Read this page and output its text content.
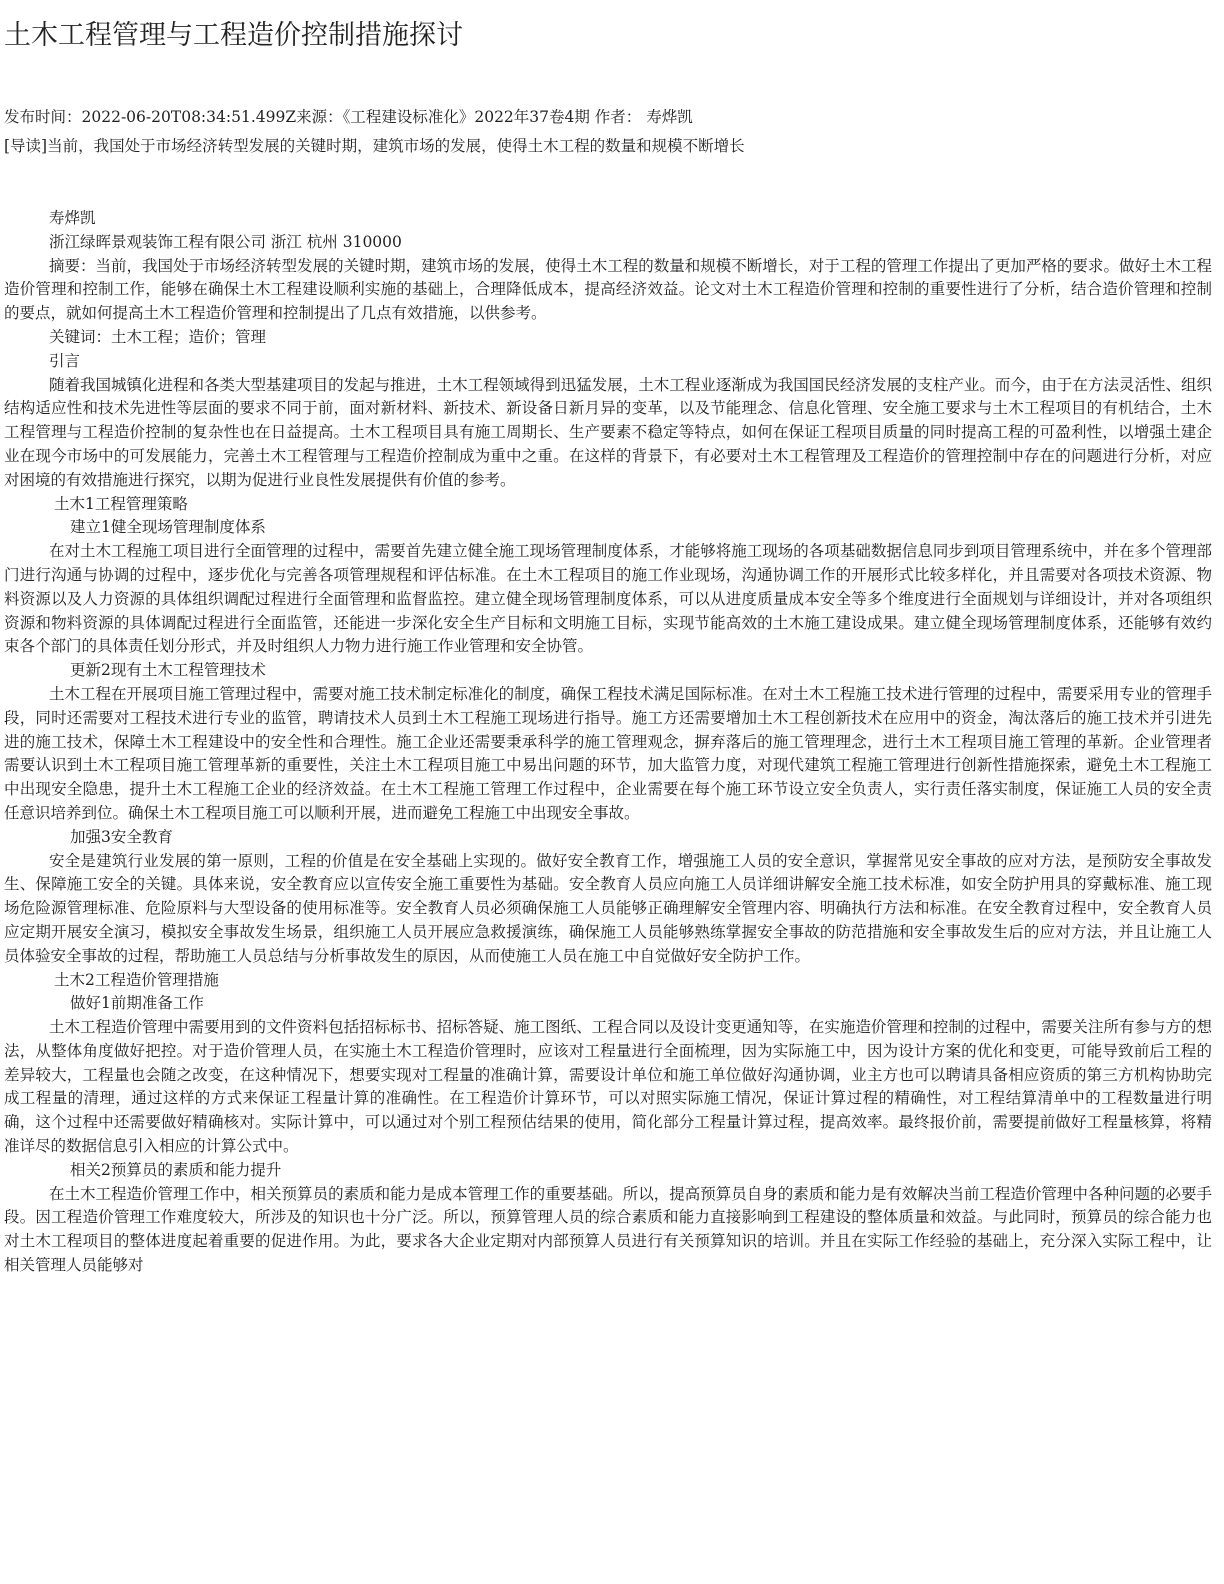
土木工程管理与工程造价控制措施探讨
发布时间：2022-06-20T08:34:51.499Z来源：《工程建设标准化》2022年37卷4期 作者： 寿烨凯
[导读]当前，我国处于市场经济转型发展的关键时期，建筑市场的发展，使得土木工程的数量和规模不断增长

寿烨凯

浙江绿晖景观装饰工程有限公司 浙江 杭州 310000

摘要：当前，我国处于市场经济转型发展的关键时期，建筑市场的发展，使得土木工程的数量和规模不断增长，对于工程的管理工作提出了更加严格的要求。做好土木工程造价管理和控制工作，能够在确保土木工程建设顺利实施的基础上，合理降低成本，提高经济效益。论文对土木工程造价管理和控制的重要性进行了分析，结合造价管理和控制的要点，就如何提高土木工程造价管理和控制提出了几点有效措施，以供参考。

关键词：土木工程；造价；管理

引言

随着我国城镇化进程和各类大型基建项目的发起与推进，土木工程领域得到迅猛发展，土木工程业逐渐成为我国国民经济发展的支柱产业。而今，由于在方法灵活性、组织结构适应性和技术先进性等层面的要求不同于前，面对新材料、新技术、新设备日新月异的变革，以及节能理念、信息化管理、安全施工要求与土木工程项目的有机结合，土木工程管理与工程造价控制的复杂性也在日益提高。土木工程项目具有施工周期长、生产要素不稳定等特点，如何在保证工程项目质量的同时提高工程的可盈利性，以增强土建企业在现今市场中的可发展能力，完善土木工程管理与工程造价控制成为重中之重。在这样的背景下，有必要对土木工程管理及工程造价的管理控制中存在的问题进行分析，对应对困境的有效措施进行探究，以期为促进行业良性发展提供有价值的参考。

土木1工程管理策略

建立1健全现场管理制度体系

在对土木工程施工项目进行全面管理的过程中，需要首先建立健全施工现场管理制度体系，才能够将施工现场的各项基础数据信息同步到项目管理系统中，并在多个管理部门进行沟通与协调的过程中，逐步优化与完善各项管理规程和评估标准。在土木工程项目的施工作业现场，沟通协调工作的开展形式比较多样化，并且需要对各项技术资源、物料资源以及人力资源的具体组织调配过程进行全面管理和监督监控。建立健全现场管理制度体系，可以从进度质量成本安全等多个维度进行全面规划与详细设计，并对各项组织资源和物料资源的具体调配过程进行全面监管，还能进一步深化安全生产目标和文明施工目标，实现节能高效的土木施工建设成果。建立健全现场管理制度体系，还能够有效约束各个部门的具体责任划分形式，并及时组织人力物力进行施工作业管理和安全协管。

更新2现有土木工程管理技术

土木工程在开展项目施工管理过程中，需要对施工技术制定标准化的制度，确保工程技术满足国际标准。在对土木工程施工技术进行管理的过程中，需要采用专业的管理手段，同时还需要对工程技术进行专业的监管，聘请技术人员到土木工程施工现场进行指导。施工方还需要增加土木工程创新技术在应用中的资金，淘汰落后的施工技术并引进先进的施工技术，保障土木工程建设中的安全性和合理性。施工企业还需要秉承科学的施工管理观念，摒弃落后的施工管理理念，进行土木工程项目施工管理的革新。企业管理者需要认识到土木工程项目施工管理革新的重要性，关注土木工程项目施工中易出问题的环节，加大监管力度，对现代建筑工程施工管理进行创新性措施探索，避免土木工程施工中出现安全隐患，提升土木工程施工企业的经济效益。在土木工程施工管理工作过程中，企业需要在每个施工环节设立安全负责人，实行责任落实制度，保证施工人员的安全责任意识培养到位。确保土木工程项目施工可以顺利开展，进而避免工程施工中出现安全事故。

加强3安全教育

安全是建筑行业发展的第一原则，工程的价值是在安全基础上实现的。做好安全教育工作，增强施工人员的安全意识，掌握常见安全事故的应对方法，是预防安全事故发生、保障施工安全的关键。具体来说，安全教育应以宣传安全施工重要性为基础。安全教育人员应向施工人员详细讲解安全施工技术标准，如安全防护用具的穿戴标准、施工现场危险源管理标准、危险原料与大型设备的使用标准等。安全教育人员必须确保施工人员能够正确理解安全管理内容、明确执行方法和标准。在安全教育过程中，安全教育人员应定期开展安全演习，模拟安全事故发生场景，组织施工人员开展应急救援演练，确保施工人员能够熟练掌握安全事故的防范措施和安全事故发生后的应对方法，并且让施工人员体验安全事故的过程，帮助施工人员总结与分析事故发生的原因，从而使施工人员在施工中自觉做好安全防护工作。

土木2工程造价管理措施

做好1前期准备工作

土木工程造价管理中需要用到的文件资料包括招标标书、招标答疑、施工图纸、工程合同以及设计变更通知等，在实施造价管理和控制的过程中，需要关注所有参与方的想法，从整体角度做好把控。对于造价管理人员，在实施土木工程造价管理时，应该对工程量进行全面梳理，因为实际施工中，因为设计方案的优化和变更，可能导致前后工程的差异较大，工程量也会随之改变，在这种情况下，想要实现对工程量的准确计算，需要设计单位和施工单位做好沟通协调，业主方也可以聘请具备相应资质的第三方机构协助完成工程量的清理，通过这样的方式来保证工程量计算的准确性。在工程造价计算环节，可以对照实际施工情况，保证计算过程的精确性，对工程结算清单中的工程数量进行明确，这个过程中还需要做好精确核对。实际计算中，可以通过对个别工程预估结果的使用，简化部分工程量计算过程，提高效率。最终报价前，需要提前做好工程量核算，将精准详尽的数据信息引入相应的计算公式中。

相关2预算员的素质和能力提升

在土木工程造价管理工作中，相关预算员的素质和能力是成本管理工作的重要基础。所以，提高预算员自身的素质和能力是有效解决当前工程造价管理中各种问题的必要手段。因工程造价管理工作难度较大，所涉及的知识也十分广泛。所以，预算管理人员的综合素质和能力直接影响到工程建设的整体质量和效益。与此同时，预算员的综合能力也对土木工程项目的整体进度起着重要的促进作用。为此，要求各大企业定期对内部预算人员进行有关预算知识的培训。并且在实际工作经验的基础上，充分深入实际工程中，让相关管理人员能够对
